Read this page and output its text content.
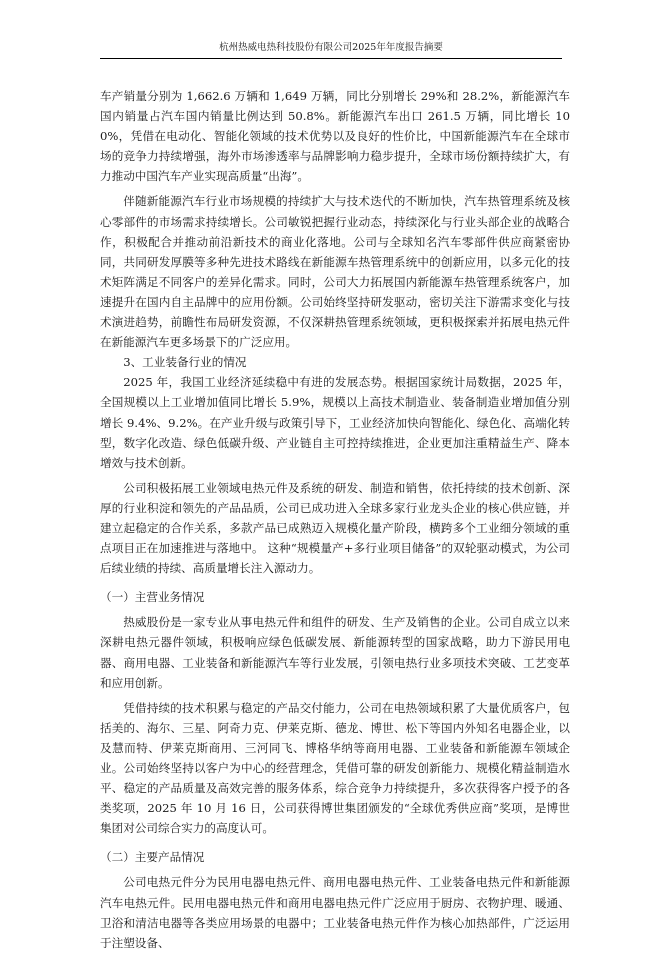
杭州热威电热科技股份有限公司2025年年度报告摘要

车产销量分别为 1,662.6 万辆和 1,649 万辆，同比分别增长 29%和 28.2%，新能源汽车国内销量占汽车国内销量比例达到 50.8%。新能源汽车出口 261.5 万辆，同比增长 100%，凭借在电动化、智能化领域的技术优势以及良好的性价比，中国新能源汽车在全球市场的竞争力持续增强，海外市场渗透率与品牌影响力稳步提升，全球市场份额持续扩大，有力推动中国汽车产业实现高质量“出海”。

伴随新能源汽车行业市场规模的持续扩大与技术迭代的不断加快，汽车热管理系统及核心零部件的市场需求持续增长。公司敏锐把握行业动态，持续深化与行业头部企业的战略合作，积极配合并推动前沿新技术的商业化落地。公司与全球知名汽车零部件供应商紧密协同，共同研发厚膜等多种先进技术路线在新能源车热管理系统中的创新应用，以多元化的技术矩阵满足不同客户的差异化需求。同时，公司大力拓展国内新能源车热管理系统客户，加速提升在国内自主品牌中的应用份额。公司始终坚持研发驱动，密切关注下游需求变化与技术演进趋势，前瞻性布局研发资源，不仅深耕热管理系统领域，更积极探索并拓展电热元件在新能源汽车更多场景下的广泛应用。

3、工业装备行业的情况

2025 年，我国工业经济延续稳中有进的发展态势。根据国家统计局数据，2025 年，全国规模以上工业增加值同比增长 5.9%，规模以上高技术制造业、装备制造业增加值分别增长 9.4%、9.2%。在产业升级与政策引导下，工业经济加快向智能化、绿色化、高端化转型，数字化改造、绿色低碳升级、产业链自主可控持续推进，企业更加注重精益生产、降本增效与技术创新。

公司积极拓展工业领域电热元件及系统的研发、制造和销售，依托持续的技术创新、深厚的行业积淀和领先的产品品质，公司已成功进入全球多家行业龙头企业的核心供应链，并建立起稳定的合作关系，多款产品已成熟迈入规模化量产阶段，横跨多个工业细分领域的重点项目正在加速推进与落地中。 这种“规模量产+多行业项目储备”的双轮驱动模式，为公司后续业绩的持续、高质量增长注入源动力。

（一）主营业务情况

热威股份是一家专业从事电热元件和组件的研发、生产及销售的企业。公司自成立以来深耕电热元器件领域，积极响应绿色低碳发展、新能源转型的国家战略，助力下游民用电器、商用电器、工业装备和新能源汽车等行业发展，引领电热行业多项技术突破、工艺变革和应用创新。

凭借持续的技术积累与稳定的产品交付能力，公司在电热领域积累了大量优质客户，包括美的、海尔、三星、阿奇力克、伊莱克斯、德龙、博世、松下等国内外知名电器企业，以及慧而特、伊莱克斯商用、三河同飞、博格华纳等商用电器、工业装备和新能源车领域企业。公司始终坚持以客户为中心的经营理念，凭借可靠的研发创新能力、规模化精益制造水平、稳定的产品质量及高效完善的服务体系，综合竞争力持续提升，多次获得客户授予的各类奖项，2025 年 10 月 16 日，公司获得博世集团颁发的“全球优秀供应商”奖项，是博世集团对公司综合实力的高度认可。

（二）主要产品情况

公司电热元件分为民用电器电热元件、商用电器电热元件、工业装备电热元件和新能源汽车电热元件。民用电器电热元件和商用电器电热元件广泛应用于厨房、衣物护理、暖通、卫浴和清洁电器等各类应用场景的电器中；工业装备电热元件作为核心加热部件，广泛运用于注塑设备、
